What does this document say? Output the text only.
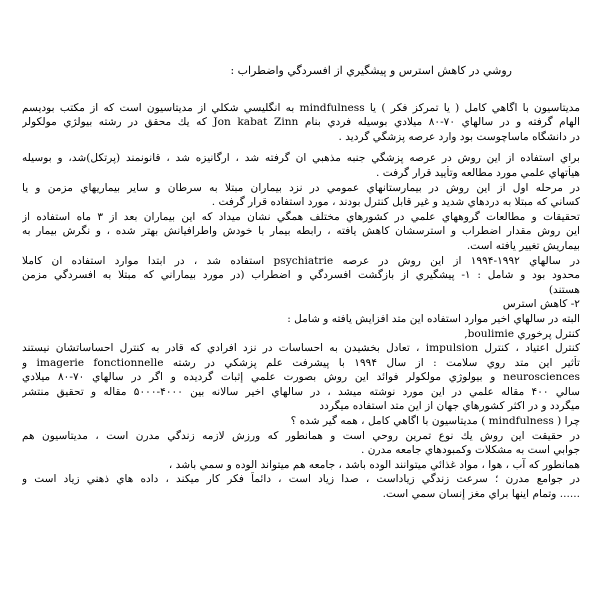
روشي در كاهش استرس و پيشگيري از افسردگي واضطراب :
مديتاسيون با اگاهي كامل ( يا تمركز فكر ) يا mindfulness به انگليسي شكلي از مديتاسيون است كه از مكتب بوديسم
الهام گرفته و در سالهاي ۷۰-۸۰ ميلادي بوسيله فردي بنام Jon kabat Zinn كه يك محقق در رشته بيولژي مولكولر
در دانشگاه ماساچوست بود وارد عرصه پزشگي گرديد .
براي استفاده از اين روش در عرصه پزشگي جنبه مذهبي ان گرفته شد ، ارگانيزه شد ، قانونمند (پرتكل)شد، و بوسيله
هيأتهاي علمي مورد مطالعه وتأييد قرار گرفت .
در مرحله اول از اين روش در بيمارستانهاي عمومي در نزد بيماران مبتلا به سرطان و ساير بيماريهاي مزمن و يا
كساني كه مبتلا به دردهاي شديد و غير قابل كنترل بودند ، مورد استفاده قرار گرفت .
تحقيقات و مطالعات گروههاي علمي در كشورهاي مختلف همگي نشان ميداد كه اين بيماران بعد از ۳ ماه استفاده از
اين روش مقدار اضطراب و استرسشان كاهش يافته ، رابطه بيمار با خودش واطرافيانش بهتر شده ، و نگرش بيمار به
بيماريش تغيير يافته است.
در سالهاي ۱۹۹۲-۱۹۹۴ از اين روش در عرصه psychiatrie استفاده شد ، در ابتدا موارد استفاده ان كاملا
محدود بود و شامل : ۱- پيشگيري از بازگشت افسردگي و اضطراب (در مورد بيماراني كه مبتلا به افسردگي مزمن
هستند)
۲- كاهش استرس
البته در سالهاي اخير موارد استفاده اين متد افزايش يافته و شامل :
كنترل پرخوري boulimie,
كنترل اعتياد ، كنترل impulsion ، تعادل بخشيدن به احساسات در نزد افرادي كه قادر به كنترل احساساتشان نيستند
تأثير اين متد روي سلامت : از سال ۱۹۹۴ با پيشرفت علم پزشكي در رشته imagerie fonctionnelle و
neurosciences و بيولوژي مولكولر فوائد اين روش بصورت علمي إثبات گرديده و اگر در سالهاي ۷۰-۸۰ ميلادي
سالي ۴۰۰ مقاله علمي در اين مورد نوشته ميشد ، در سالهاي اخير سالانه بين ۴۰۰۰-۵۰۰۰ مقاله و تحقيق منتشر
ميگردد و در اكثر كشورهاي جهان از اين متد استفاده ميگردد
چرا ( mindfulness ) مديتاسيون با اگاهي كامل ، همه گير شده ؟
در حقيقت اين روش يك نوع تمرين روحي است و همانطور كه ورزش لازمه زندگي مدرن است ، مديتاسيون هم
جوابي است به مشكلات وكمبودهاي جامعه مدرن .
همانطور كه آب ، هوا ، مواد غذائي ميتوانند الوده باشد ، جامعه هم ميتواند الوده و سمي باشد ،
در جوامع مدرن ؛ سرعت زندگي زياداست ، صدا زياد است ، دائماً فكر كار ميكند ، داده هاي ذهني زياد است و
...... وتمام اينها براي مغز إنسان سمي است.
